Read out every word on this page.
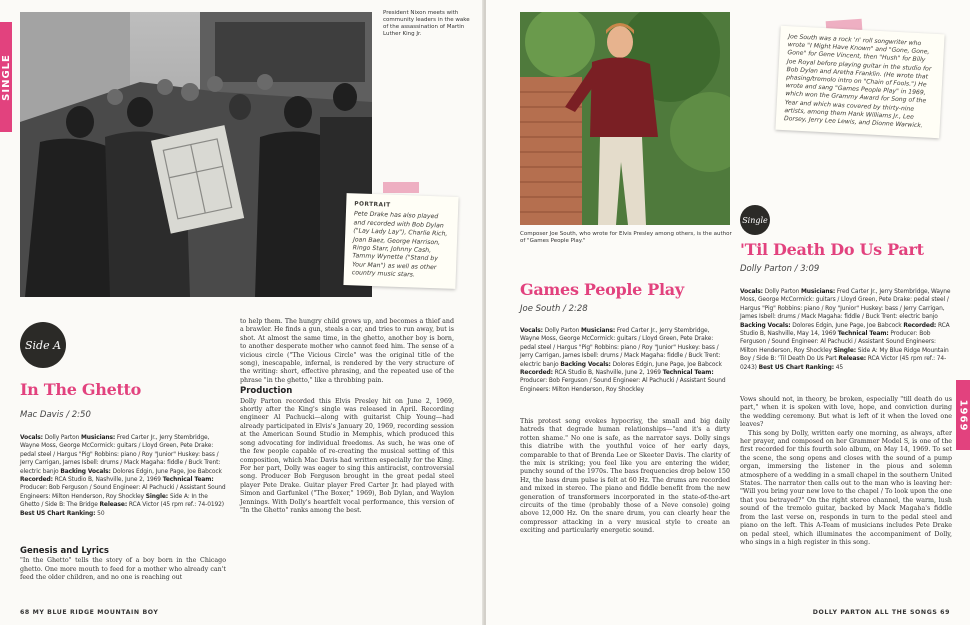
SINGLE
President Nixon meets with community leaders in the wake of the assassination of Martin Luther King Jr.
PORTRAIT
Pete Drake has also played and recorded with Bob Dylan ("Lay Lady Lay"), Charlie Rich, Joan Baez, George Harrison, Ringo Starr, Johnny Cash, Tammy Wynette ("Stand by Your Man") as well as other country music stars.
Side A
In The Ghetto
Mac Davis / 2:50
Vocals: Dolly Parton Musicians: Fred Carter Jr., Jerry Stembridge, Wayne Moss, George McCormick: guitars / Lloyd Green, Pete Drake: pedal steel / Hargus "Pig" Robbins: piano / Roy "Junior" Huskey: bass / Jerry Carrigan, James Isbell: drums / Mack Magaha: fiddle / Buck Trent: electric banjo Backing Vocals: Dolores Edgin, June Page, Joe Babcock Recorded: RCA Studio B, Nashville, June 2, 1969 Technical Team: Producer: Bob Ferguson / Sound Engineer: Al Pachucki / Assistant Sound Engineers: Milton Henderson, Roy Shockley Single: Side A: In the Ghetto / Side B: The Bridge Release: RCA Victor (45 rpm ref.: 74-0192) Best US Chart Ranking: 50
Genesis and Lyrics

"In the Ghetto" tells the story of a boy born in the Chicago ghetto. One more mouth to feed for a mother who already can't feed the older children, and no one is reaching out

to help them. The hungry child grows up, and becomes a thief and a brawler. He finds a gun, steals a car, and tries to run away, but is shot. At almost the same time, in the ghetto, another boy is born, to another desperate mother who cannot feed him. The sense of a vicious circle ("The Vicious Circle" was the original title of the song), inescapable, infernal, is rendered by the very structure of the writing: short, effective phrasing, and the repeated use of the phrase "in the ghetto," like a throbbing pain.

Production

Dolly Parton recorded this Elvis Presley hit on June 2, 1969, shortly after the King's single was released in April. Recording engineer Al Pachucki—along with guitarist Chip Young—had already participated in Elvis's January 20, 1969, recording session at the American Sound Studio in Memphis, which produced this song advocating for individual freedoms. As such, he was one of the few people capable of re-creating the musical setting of this composition, which Mac Davis had written especially for the King. For her part, Dolly was eager to sing this antiracist, controversial song. Producer Bob Ferguson brought in the great pedal steel player Pete Drake. Guitar player Fred Carter Jr. had played with Simon and Garfunkel ("The Boxer," 1969), Bob Dylan, and Waylon Jennings. With Dolly's heartfelt vocal performance, this version of "In the Ghetto" ranks among the best.

68 MY BLUE RIDGE MOUNTAIN BOY
1969
Composer Joe South, who wrote for Elvis Presley among others, is the author of "Games People Play."
Joe South was a rock 'n' roll songwriter who wrote "I Might Have Known" and "Gone, Gone, Gone" for Gene Vincent, then "Hush" for Billy Joe Royal before playing guitar in the studio for Bob Dylan and Aretha Franklin. (He wrote that phasing/tremolo intro on "Chain of Fools.") He wrote and sang "Games People Play" in 1969, which won the Grammy Award for Song of the Year and which was covered by thirty-nine artists, among them Hank Williams Jr., Lee Dorsey, Jerry Lee Lewis, and Dionne Warwick.
Games People Play
Joe South / 2:28
Vocals: Dolly Parton Musicians: Fred Carter Jr., Jerry Stembridge, Wayne Moss, George McCormick: guitars / Lloyd Green, Pete Drake: pedal steel / Hargus "Pig" Robbins: piano / Roy "Junior" Huskey: bass / Jerry Carrigan, James Isbell: drums / Mack Magaha: fiddle / Buck Trent: electric banjo Backing Vocals: Dolores Edgin, June Page, Joe Babcock Recorded: RCA Studio B, Nashville, June 2, 1969 Technical Team: Producer: Bob Ferguson / Sound Engineer: Al Pachucki / Assistant Sound Engineers: Milton Henderson, Roy Shockley

This protest song evokes hypocrisy, the small and big daily hatreds that degrade human relationships—"and it's a dirty rotten shame." No one is safe, as the narrator says. Dolly sings this diatribe with the youthful voice of her early days, comparable to that of Brenda Lee or Skeeter Davis. The clarity of the mix is striking; you feel like you are entering the wider, punchy sound of the 1970s. The bass frequencies drop below 150 Hz, the bass drum pulse is felt at 60 Hz. The drums are recorded and mixed in stereo. The piano and fiddle benefit from the new generation of transformers incorporated in the state-of-the-art circuits of the time (probably those of a Neve console) going above 12,000 Hz. On the snare drum, you can clearly hear the compressor attacking in a very musical style to create an exciting and particularly energetic sound.

Single
'Til Death Do Us Part
Dolly Parton / 3:09
Vocals: Dolly Parton Musicians: Fred Carter Jr., Jerry Stembridge, Wayne Moss, George McCormick: guitars / Lloyd Green, Pete Drake: pedal steel / Hargus "Pig" Robbins: piano / Roy "Junior" Huskey: bass / Jerry Carrigan, James Isbell: drums / Mack Magaha: fiddle / Buck Trent: electric banjo Backing Vocals: Dolores Edgin, June Page, Joe Babcock Recorded: RCA Studio B, Nashville, May 14, 1969 Technical Team: Producer: Bob Ferguson / Sound Engineer: Al Pachucki / Assistant Sound Engineers: Milton Henderson, Roy Shockley Single: Side A: My Blue Ridge Mountain Boy / Side B: 'Til Death Do Us Part Release: RCA Victor (45 rpm ref.: 74-0243) Best US Chart Ranking: 45

Vows should not, in theory, be broken, especially "till death do us part," when it is spoken with love, hope, and conviction during the wedding ceremony. But what is left of it when the loved one leaves?

This song by Dolly, written early one morning, as always, after her prayer, and composed on her Grammer Model S, is one of the first recorded for this fourth solo album, on May 14, 1969. To set the scene, the song opens and closes with the sound of a pump organ, immersing the listener in the pious and solemn atmosphere of a wedding in a small chapel in the southern United States. The narrator then calls out to the man who is leaving her: "Will you bring your new love to the chapel / To look upon the one that you betrayed?" On the right stereo channel, the warm, lush sound of the tremolo guitar, backed by Mack Magaha's fiddle from the last verse on, responds in turn to the pedal steel and piano on the left. This A-Team of musicians includes Pete Drake on pedal steel, which illuminates the accompaniment of Dolly, who sings in a high register in this song.

DOLLY PARTON ALL THE SONGS 69
